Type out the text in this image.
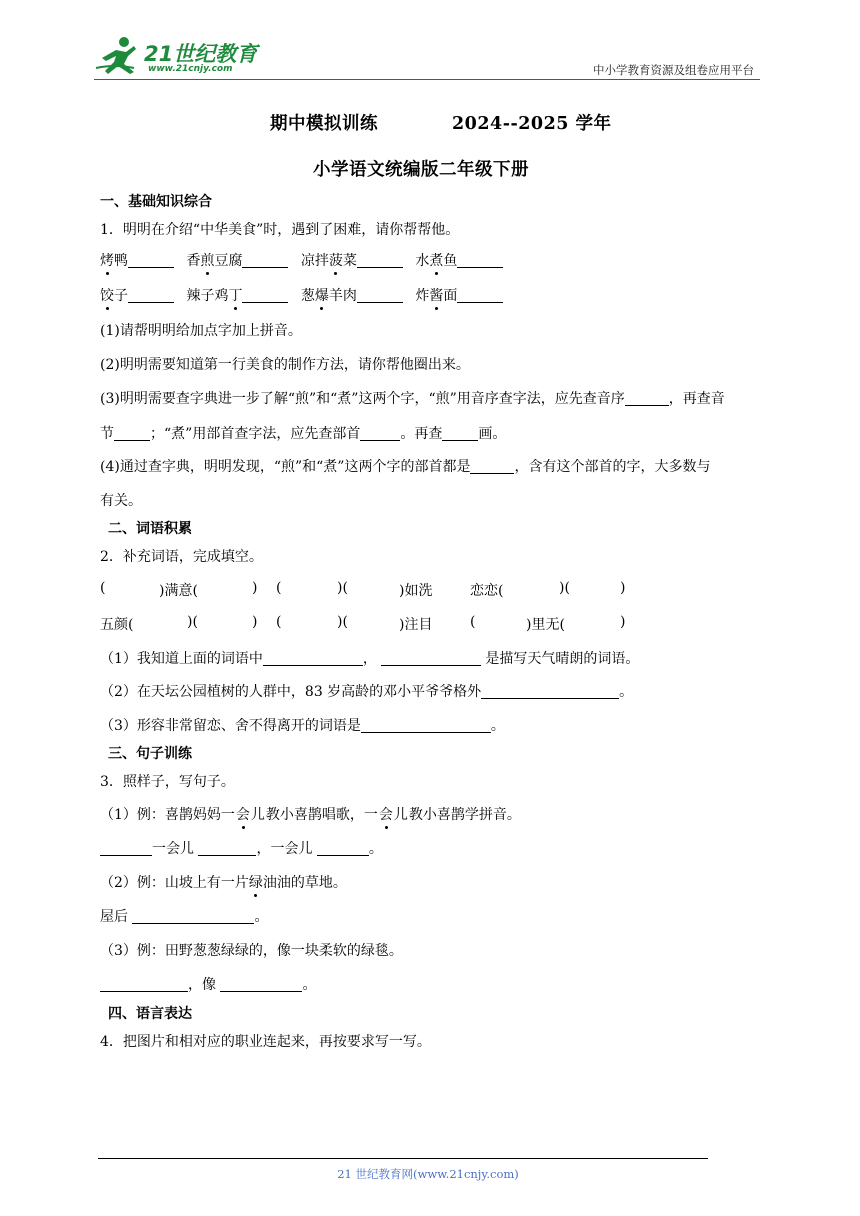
21世纪教育
www.21cnjy.com	中小学教育资源及组卷应用平台
期中模拟训练	2024--2025 学年
小学语文统编版二年级下册
一、基础知识综合
1．明明在介绍“中华美食”时，遇到了困难，请你帮帮他。
烤鸭	香煎豆腐	凉拌菠菜	水煮鱼
饺子	辣子鸡丁	葱爆羊肉	炸酱面
(1)请帮明明给加点字加上拼音。
(2)明明需要知道第一行美食的制作方法，请你帮他圈出来。
(3)明明需要查字典进一步了解“煎”和“煮”这两个字，“煎”用音序查字法，应先查音序	，再查音
节	；“煮”用部首查字法，应先查部首	。再查	画。
(4)通过查字典，明明发现，“煎”和“煮”这两个字的部首都是	，含有这个部首的字，大多数与
有关。
二、词语积累
2．补充词语，完成填空。
(	)满意(	) (	)(	)如洗	恋恋(	)(	)
五颜(	)(	) (	)(	)注目	(	)里无(	)
（1）我知道上面的词语中	，	是描写天气晴朗的词语。
（2）在天坛公园植树的人群中，83 岁高龄的邓小平爷爷格外	。
（3）形容非常留恋、舍不得离开的词语是	。
三、句子训练
3．照样子，写句子。
（1）例：喜鹊妈妈一会儿教小喜鹊唱歌，一会儿教小喜鹊学拼音。
一会儿	，一会儿	。
（2）例：山坡上有一片绿油油的草地。
屋后	。
（3）例：田野葱葱绿绿的，像一块柔软的绿毯。
，像	。
四、语言表达
4．把图片和相对应的职业连起来，再按要求写一写。
21 世纪教育网(www.21cnjy.com)
